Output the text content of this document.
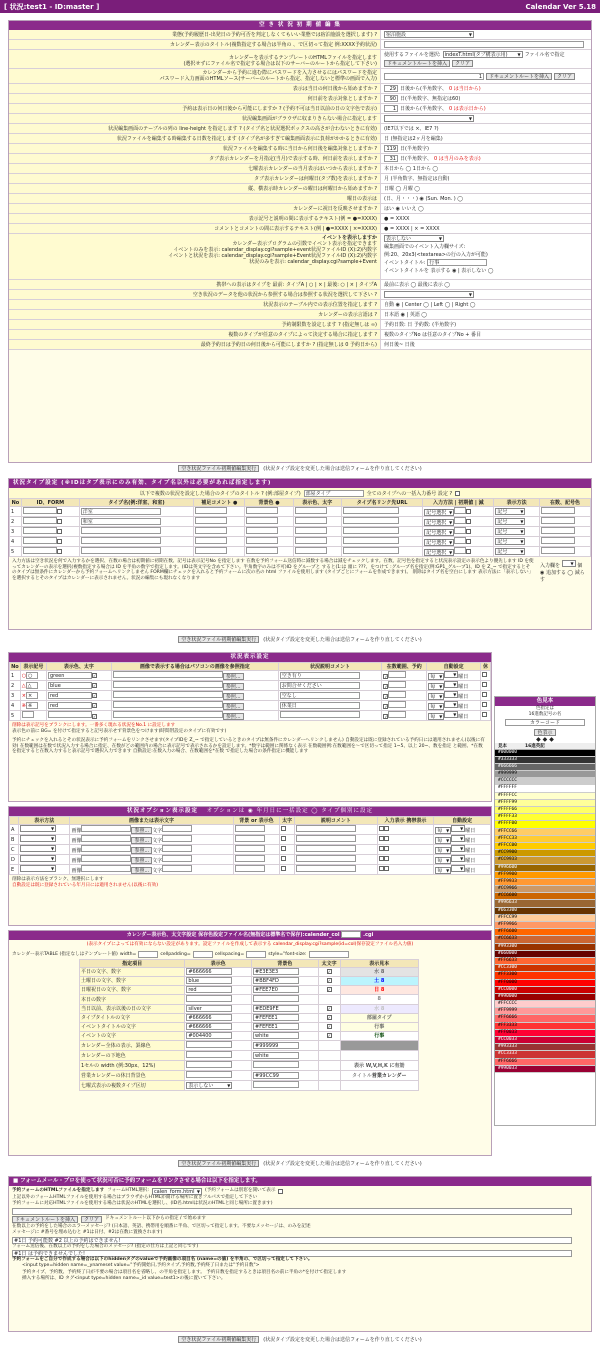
[ 状況:test1 - ID:master ]	Calendar Ver 5.18
空 き 状 況 初 期 値 編 集
業態(予約履歴日-出発日の予約可否を判定しなくてもいい業態では宿泊施設を選択します) ?	宿泊施設 ▼
カレンダー表示のタイトル(複数指定する場合は半角の 、で区切って指定 例:XXXX予約状況)
カレンダーを表示するテンプレートのHTMLファイルを指定します
(選択せずにファイル名で指定する場合は以下のサーバーのルートから指定して下さい)
使用するファイルを選択: indexT.html(タブ構表示用) ▼	ファイル名で指定
ドキュメントルートを挿入	クリア
カレンダーから予約に進む際にパスワードを入力させるにはパスワードを指定
パスワード入力画面のHTMLソース(サーバーのルートから指定、指定しないと標準の画面で入力)	1	ドキュメントルートを挿入	クリア
表示は当日の何日後から始めますか ?	29 日後から(半角数字、 0 は当日から)
何日前を表示対象としますか ?	90 日(半角数字、無指定は60)
予約は表示日の何日後から可能にしますか ? (予約不可は当日以前の日の文字色で表示)	1 日後から(半角数字、 0 は表示日から)
状況編集画面がブラウザに収まりきらない場合に指定します
▼
状況編集画面のテーブルの列の line-height を指定します ? (タイプ名と状況選択ボックスの高さが合わないときに有効) (IE7以下では ×、IE7 ?)
状況ファイルを編集する時編集する日数を指定します (タイプ名が多すぎて編集画面表示に負荷がかかるときに有効) 日 (無指定は2ヶ月を編集)
状況ファイルを編集する時に当日から何日後を編集対象としますか ?	119 日(半角数字)
タブ表示カレンダーを月指定(当月)で表示する時、何日前を表示しますか ?	31 日(半角数字、 0 は当月のみを表示)
七曜表示カレンダーの当月表示はいつから表示しますか ? 本日から ◯ 1日から ◯
タブ表示カレンダーは何曜日(タブ数)を表示しますか ? 月 (半角数字、無指定は自動)
縦、横表示時カレンダーの曜日は何曜日から始めますか ? 日曜 ◯ 月曜 ◯
曜日の表示は (日、月・・・) ◉ (Sun. Mon. ) ◯
カレンダーに祝日を反映させますか ? はい ◉ いいえ ◯
表示記号と説明の間に表示するテキスト(例 = ●=XXXX) ● = XXXX
コメントとコメントの間に表示するテキスト(例 | ●=XXXX | ×=XXXX) ● = XXXX | × = XXXX
イベントを表示しますか
カレンダー表示プログラムの引数でイベント表示を指定できます
イベントのみを表示: calendar_display.cgi?sample+event状況ファイルID (X):2)内数字
イベントと状況を表示: calendar_display.cgi?sample+Event状況ファイルID (X):2)内数字
状況のみを表示: calendar_display.cgi?sample+Event
表示しない ▼
編集画面でのイベント入力欄サイズ:
例:20、20x3(<textarea>の行の入力が可能)
イベントタイトル: 行事
イベントタイトルを 表示する ◉ | 表示しない ◯
携帯への表示はタイプを 最前: タイプA | ○ | × | 最後: ○ | × | タイプA 最前に表示 ◯ 最後に表示 ◯
空き状況のデータを他の状況から参照する場合は参照する状況を選択して下さい ?
▼
状況表示のテーブル内での表示位置を指定します ? 自動 ◉ | Center ◯ | Left ◯ | Right ◯
カレンダーの表示言語は ? 日本語 ◉ | 英語 ◯
予約制限数を設定します ? (指定無しは ∞) 予約日数: 日 予約数: (半角数字)
複数のタイプが任意のタイプによって決定する場合に指定します ? 複数のタイプNo は任意のタイプNo + 番目
最終予約日は予約日の何日後から可能にしますか ? (指定無しは 0 予約日から) 何日後~ 日後
空き状況ファイル初期値編集実行	(状況タイプ設定を変更した場合は送信フォームを作り直してください)
状況タイプ設定 (※IDはタブ表示にのみ有効、タイプ名以外は必要があれば指定します)
以下で複数の状況を設定した場合のタイプのタイトル ? (例:部屋タイプ)	部屋タイプ	全てのタイプへの一括入力番号 設定 ?
No	ID、FORM	タイプ名(例:洋室、和室)	補足コメント ●	背景色 ●	表示色、太字	タイプ名リンク先URL	入力方法 | 初期値 | 減	表示方法	在数、記号色
1		洋室					記号選択 ▼	記号 ▼	
2		和室					記号選択 ▼	記号 ▼	
3							記号選択 ▼	記号 ▼	
4							記号選択 ▼	記号 ▼	
5							記号選択 ▼	記号 ▼	
入力方法は空き状況を何で入力するかを選択、在数の場合は初期値に初期在数、記号は表示記号No を指定します 在数を予約フォーム送信時に減数する場合は減をチェックします。在数、記号色を指定すると状況表示設定の表示色より優先します ID を使ってカレンダーの表示を選択(複数指定する場合は ID を半角の数字で指定します。(IDは英文字を含めて下さい。半角数字のみは不可)ID をグループと すると(1:は 頭に ???、をつけて :グループ名を指定(例:GP1_グループ1)、ID を Z_~ で指定するとそのタイプは無条件にカレンダーから予約フォームへリンクしません FORM欄にチェックを入れると予約フォームに次の名の html ファイルを使用します (タイプごとにフォームを作成できます)。 削除はタイプ名を空白にします 表示方法に「表示しない」を選択するとそのタイプはカレンダーに表示されません。状況の編集にも現れなくなります
入力欄を ▼	個
◉ 追加する ◯ 減らす
空き状況ファイル初期値編集実行	(状況タイプ設定を変更した場合は送信フォームを作り直してください)
状況表示設定
No	表示記号	表示色、太字	画像で表示する場合はパソコンの画像を参照指定	状況説明コメント	在数範囲、予約	自動設定	休
1	○ ○	green ✓	参照...	空き有り	✓	毎 ▼ ▼ 曜日	
2	△ △	blue ✓	参照...	お問合せください	✓	毎 ▼ ▼ 曜日	
3	× ×	red ✓	参照...	空なし	✓	毎 ▼ ▼ 曜日	
4	※ ※	red ✓	参照...	休業日	✓	毎 ▼ ▼ 曜日	
5		✓	参照...		✓	毎 ▼ ▼ 曜日	
削除は表示記号をブランクにします。一番多く現れる状況をNo.1 に設定します
表示色の前に BG= を付けて指定すると記号表示せず背景色をつけます(時間帯設定のタイプに有効です)
予約にチェックを入れるとその状況表示に予約フォームをリンクさせます(タイプIDを Z_~ で指定しているときのタイプは無条件にカレンダーへリンクしません) 自動設定は既に登録されている予約日には適用されません(以後に有効) 在数範囲は在数で状況入力する場合に指定、在数がどの範囲内の場合に表示記号で表示されるかを設定します。*数字は範囲に関係なく表示 在数範囲例:在数範囲を〜で区切って指定 1~5、以上 20~、数を指定 と範囲、*在数 を指定すると在数入力すると表示記号で選択入力できます 自動設定:在数入力の場合、在数範囲を*在数 で指定した場合の条件指定に機能します
状況オプション表示設定 オプションは ◉ 年月日に一括設定 ◯ タイプ個別に設定
	表示方法	画像または表示文字	背景 or 表示色	太字	説明コメント	入力表示 携帯表示	自動設定
A	▼	画像 参照... 文字					毎 ▼ ▼ 曜日
B	▼	画像 参照... 文字					毎 ▼ ▼ 曜日
C	▼	画像 参照... 文字					毎 ▼ ▼ 曜日
D	▼	画像 参照... 文字					毎 ▼ ▼ 曜日
E	▼	画像 参照... 文字					毎 ▼ ▼ 曜日
削除は表示方法をブランク、無選択にします
自動設定は既に登録されている年月日には適用されません(以後に有効)
カレンダー表示色、太文字設定 保存色設定ファイル名(無指定は標準名で保存):calender_col	.cgi
(表示タイプによっては有効にならない設定があります。設定ファイルを作成して表示する calendar_display.cgi?sample(id=col(保存設定ファイル名入力値)
カレンダー表示TABLE (指定なしはテンプレート値) width=	cellpadding=	cellspacing=	style="font-size:
指定項目	表示色	背景色	太文字	表示見本
平日の文字、数字	#666666	#E3E3E3	✓	水 8
土曜日の文字、数字	blue	#BBF4FD	✓	土 8
日曜祝日の文字、数字	red	#FEE7E0	✓	日 8
本日の数字				8
当日以前、表示以後の日の文字	silver	#EDE9FE	✓	水 8
タイプタイトルの文字	#666666	#FEFEE1	✓	部屋タイプ
イベントタイトルの文字	#666666	#FEFEE1	✓	行事
イベントの文字	#004400	white	✓	行事
カレンダー全体の表示、罫線色		#999999		
カレンダーの下地色		white		
1セルの width (例:30px、12%)				表示 W,V,H,K に有効
営業カレンダーの休日背景色		#99CC99		タイトル営業カレンダー
七曜式表示の複数タイプ区切	表示しない ▼			
色見本
色指定は
16進数記号の名
カラーコード
色表示
◆ ◆ ◆
見本	16進英記
#000000
#333333
#666666
#999999
#CCCCCC
#FFFFFF
#FFFFCC
#FFFF99
#FFFF66
#FFFF33
#FFFF00
#FFCC66
#FFCC33
#FFCC00
#CC9900
#CC9933
#996600
#FF9900
#FF9933
#CC9966
#CC6600
#996633
#663300
#FFCC99
#FF9966
#FF6600
#CC6633
#993300
#660000
#FF6633
#CC3300
#FF3300
#FF0000
#CC0000
#990000
#FFCCCC
#FF9999
#FF6666
#FF3333
#FF0033
#CC0033
#993333
#CC3333
#FF6666
#990033
空き状況ファイル初期値編集実行	(状況タイプ設定を変更した場合は送信フォームを作り直してください)
■ フォームメール・プロを使って状況可否に予約フォームをリンクさせる場合は以下を指定します。
予約フォームのHTMLファイルを指定します フォームHTML選択:	calen_form.html ▼	(予約フォームは別窓を開いて表示
上記以外のフォームHTMLファイルを使用する場合はブラウザからHTMLが開ける場所に置きフルパスで指定して下さい
予約フォームに対応HTMLファイルを使用する場合は状況のHTMLを選択し、(ID名.htmlは状況のHTMLと同じ場所に置きます)
ドキュメントルートを挿入	クリア	ドキュメントルート以下からの指定 / で始めます
在数以上の予約をした場合のエラーメッセージ? (日本語、英語、携帯用を順番に半角、で区切って指定します。不要なメッセージは、のみを記述
メッセージに #番号を埋め込むと #1は日付、#2は在数に置換されます)
#1日 予約可能数 #2 以上の予約はできません!
フォーム送信後、在数以上の予約をした場合のメッセージ? (指定の仕方は上記と同じです)
#1日 は予約できませんでした!
予約フォームをご自分で作成する場合は以下のhiddenタグのvalueで予約画像の項目名 (name=の値) を半角の、で区切って指定して下さい。
<input type=hidden name=_ynameset value="予約開始日,予約タイプ,予約数,予約終了日または"予約日数">
予約タイプ、予約数、予約終了日が不要の場合は項目名を省略し、の半角を指定します。 予約日数を指定するときは項目名の前に半角の*を付けて指定します
挿入する場所は、ID タグ<input type=hidden name=_id value=test1>の後に置いて下さい。
空き状況ファイル初期値編集実行	(状況タイプ設定を変更した場合は送信フォームを作り直してください)
